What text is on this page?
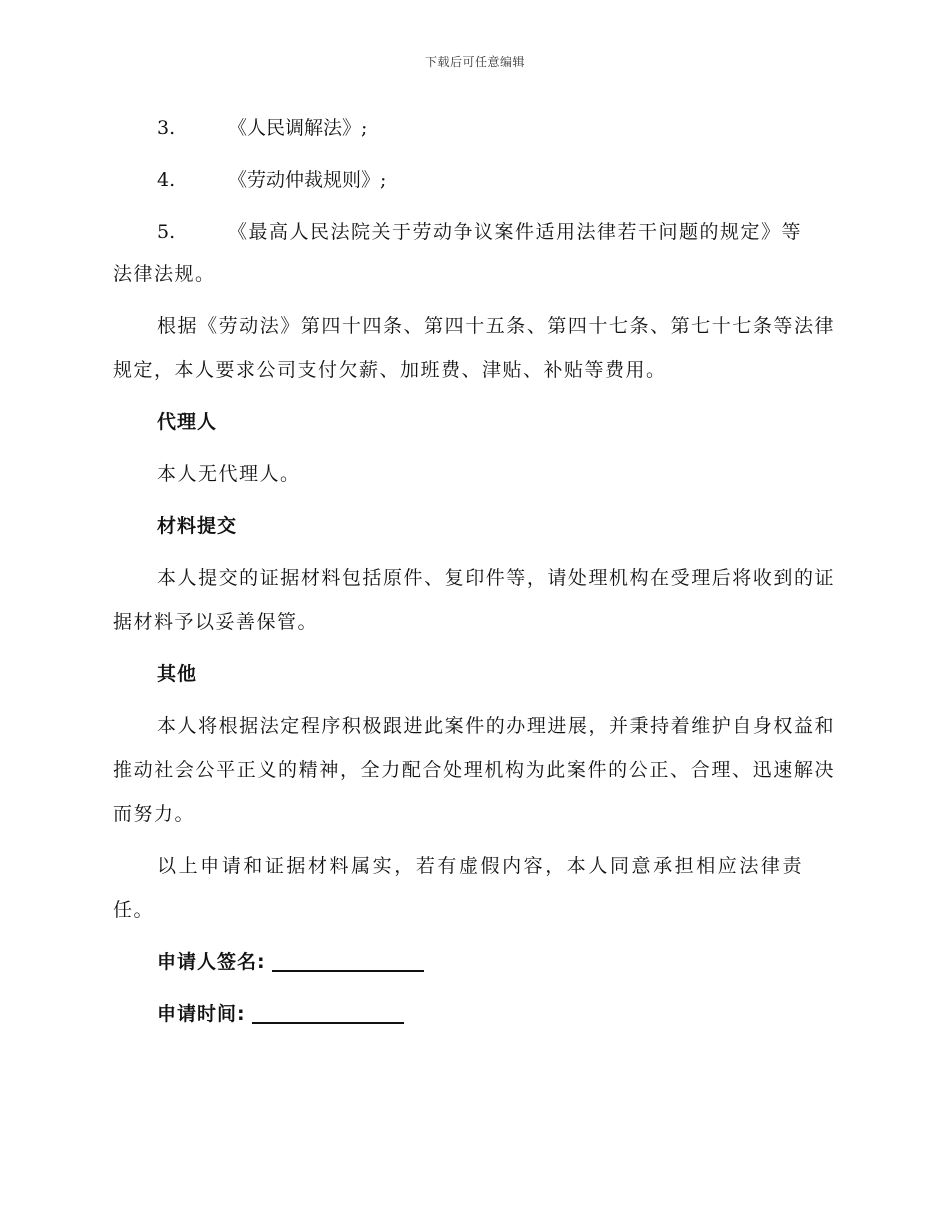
下载后可任意编辑
3.	《人民调解法》;
4.	《劳动仲裁规则》;
5.	《最高人民法院关于劳动争议案件适用法律若干问题的规定》等

法律法规。

根据《劳动法》第四十四条、第四十五条、第四十七条、第七十七条等法律规定，本人要求公司支付欠薪、加班费、津贴、补贴等费用。

代理人

本人无代理人。

材料提交

本人提交的证据材料包括原件、复印件等，请处理机构在受理后将收到的证据材料予以妥善保管。

其他

本人将根据法定程序积极跟进此案件的办理进展，并秉持着维护自身权益和推动社会公平正义的精神，全力配合处理机构为此案件的公正、合理、迅速解决而努力。

以上申请和证据材料属实，若有虚假内容，本人同意承担相应法律责任。

申请人签名:
申请时间:
